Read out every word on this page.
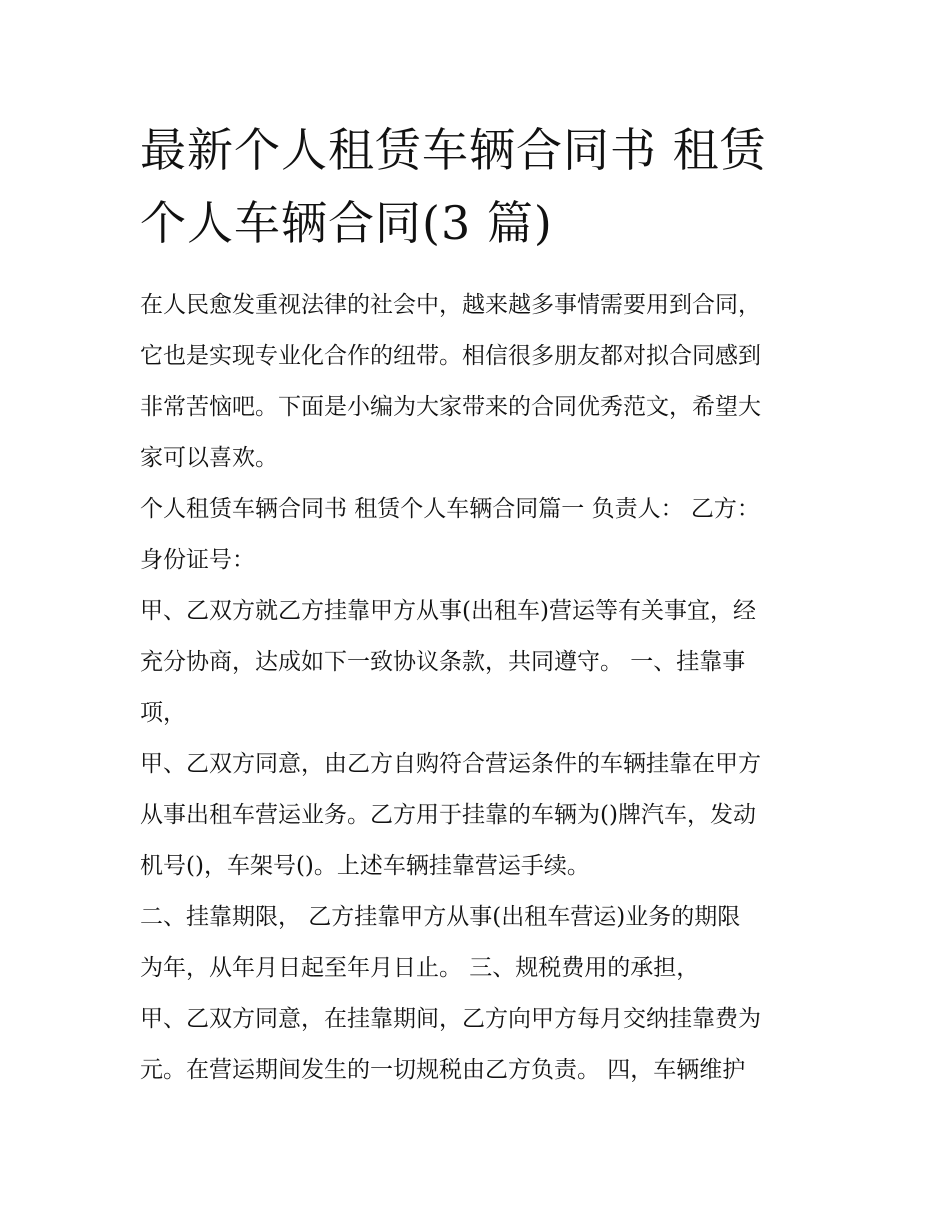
最新个人租赁车辆合同书 租赁
个人车辆合同(3 篇)

在人民愈发重视法律的社会中，越来越多事情需要用到合同，
它也是实现专业化合作的纽带。相信很多朋友都对拟合同感到
非常苦恼吧。下面是小编为大家带来的合同优秀范文，希望大
家可以喜欢。

个人租赁车辆合同书 租赁个人车辆合同篇一 负责人： 乙方：
身份证号：

甲、乙双方就乙方挂靠甲方从事(出租车)营运等有关事宜，经
充分协商，达成如下一致协议条款，共同遵守。 一、挂靠事
项，

甲、乙双方同意，由乙方自购符合营运条件的车辆挂靠在甲方
从事出租车营运业务。乙方用于挂靠的车辆为()牌汽车，发动
机号()，车架号()。上述车辆挂靠营运手续。

二、挂靠期限， 乙方挂靠甲方从事(出租车营运)业务的期限
为年，从年月日起至年月日止。 三、规税费用的承担，

甲、乙双方同意，在挂靠期间，乙方向甲方每月交纳挂靠费为
元。在营运期间发生的一切规税由乙方负责。 四，车辆维护
